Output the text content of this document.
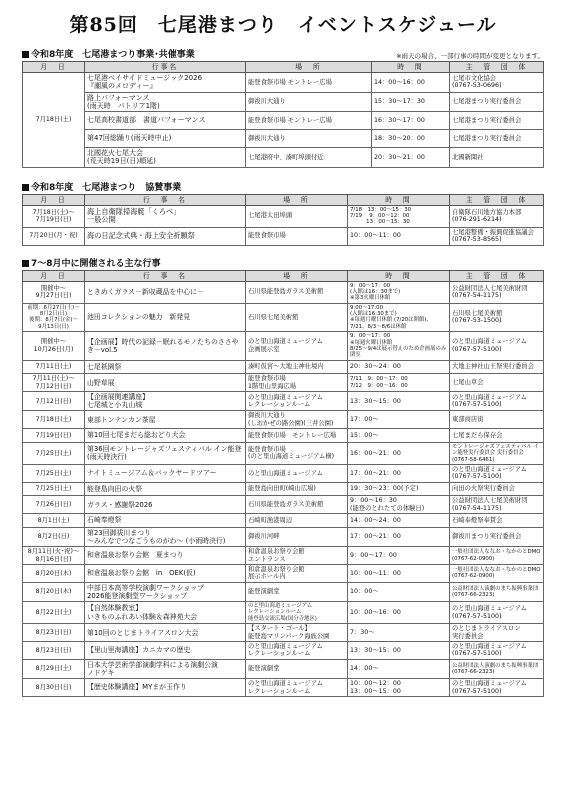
第85回　七尾港まつり　イベントスケジュール
令和8年度　七尾港まつり事業･共催事業	※雨天の場合、一部行事の時間が変更となります。
月　日	行事名	場　所	時　間	主　管　団　体
7月18日(土)	七尾港ベイサイドミュージック2026
『潮風のメロディー』	能登食祭市場 モントレー広場	14：00～16：00	七尾市文化協会
(0767-53-0696)
	路上パフォーマンス
(雨天時　パトリア1階)	御祓川大通り	15：30～17：30	七尾港まつり実行委員会
	七尾高校書道部　書道パフォーマンス	能登食祭市場 モントレー広場	16：30～17：00	七尾港まつり実行委員会
	第47回総踊り(雨天時中止)	御祓川大通り	18：30～20：00	七尾港まつり実行委員会
	北國花火七尾大会
(荒天時19日(日)順延)	七尾港府中、湊町埠頭付近	20：30～21：00	北國新聞社
令和8年度　七尾港まつり　協賛事業
月　日	行　事　名	場　所	時　間	主　管　団　体
7月18日(土)～
7月19日(日)	海上自衛隊掃海艇「くろべ」
一般公開	七尾港太田埠頭	7/18　13：00～15：30
7/19　 9：00～12：00
　　　13：00～15：30	自衛隊石川地方協力本部
(076-291-6214)
7月20日(月・祝)	海の日記念式典・海上安全祈願祭	能登食祭市場	10：00～11：00	七尾港整備・振興促進協議会
(0767-53-8565)
7～8月中に開催される主な行事
月　日	行　事　名	場　所	時　間	主　管　団　体
開催中～
9月27日(日)	ときめくガラス－新収蔵品を中心に－	石川県能登島ガラス美術館	9：00～17：00
(入館は16：30まで)
※第3火曜日休館	公益財団法人七尾美術財団
(0767-54-1175)
前期：6月27日(土)～
8月2日(日)
後期：8月7日(金)～
9月13日(日)	池田コレクションの魅力　新発見	石川県七尾美術館	9:00～17:00
(入館は16:30まで)
※毎週月曜日休館 (7/20は開館)、7/21、8/3～8/6は休館	石川県七尾美術館
(0767-53-1500)
開催中～
10月26日(月)	【企画展】時代の記録－眠れるモノたちのささやき－vol.5	のと里山海道ミュージアム
企画展示室	9：00～17：00
※毎週火曜日休館
8/25～9/4は展示替えのため企画展のみ閉室	のと里山海道ミュージアム
(0767-57-5100)
7月11日(土)	七尾祇園祭	湊町仮宮～大地主神社境内	20：30～24：00	大地主神社山王祭実行委員会
7月11日(土)～
7月12日(日)	山野草展	能登食祭市場
1階里山里海広場	7/11　9：00～17：00
7/12　9：00～16：00	七尾山草会
7月12日(日)	【企画展関連講座】
七尾城と小丸山城	のと里山海道ミュージアム
レクレーションルーム	13：30～15：00	のと里山海道ミュージアム
(0767-57-5100)
7月18日(土)	東部トンテンカン茶屋	御祓川大通り
(しおかぜの路公園)(三井公園)	17：00～	東部商店街
7月19日(日)	第10回七尾まだら総おどり大会	能登食祭市場　モントレー広場	15：00～	七尾まだら保存会
7月25日(土)	第36回モントレージャズフェスティバル イン能登(雨天時決行)	能登食祭市場
(のと里山海道ミュージアム横)	16：00～21：00	モントレージャズフェスティバル イン能登実行委員会 実行委員会
(0767-58-6461)
7月25日(土)	ナイトミュージアム＆バックヤードツアー	のと里山海道ミュージアム	17：00～21：00	のと里山海道ミュージアム
(0767-57-5100)
7月25日(土)	能登島向田の火祭	能登島向田町(崎山広場)	19：30～23：00(予定)	向田の火祭実行委員会
7月26日(日)	ガラス・感謝祭2026	石川県能登島ガラス美術館	9：00～16：30
(能登のとれたての体験日)	公益財団法人七尾美術財団
(0767-54-1175)
8月1日(土)	石崎奉燈祭	石崎町漁港周辺	14：00～24：00	石崎奉燈祭奉賛会
8月2日(日)	第23回御祓川まつり
～みんなでつなごうものがわ～ (小雨時決行)	御祓川河畔	17：00～21：00	御祓川まつり実行委員会
8月11日(火･祝)～
8月16日(日)	和倉温泉お祭り会館　夏まつり	和倉温泉お祭り会館
エントランス	9：00～17：00	一般社団法人ななお・なかのとDMO
(0767-62-0900)
8月20日(木)	和倉温泉お祭り会館　in　OEK(仮)	和倉温泉お祭り会館
展示ホール内	10：00～11：00	一般社団法人ななお・なかのとDMO
(0767-62-0900)
8月20日(木)	中部日本高等学校演劇ワークショップ
2026能登演劇堂ワークショップ	能登演劇堂	10：00～	公益財団法人演劇のまち振興事業団
(0767-66-2323)
8月22日(土)	【自然体験教室】
いきものふれあい体験＆森神苑大会	のと里山海道ミュージアム
レクレーションルーム
能登島交流広場(国分寺地区)	10：00～16：00	のと里山海道ミュージアム
(0767-57-5100)
8月23日(日)	第10回のとじまトライアスロン大会	【スタート・ゴール】
能登島マリンパーク海族公園	7：30～	のとじまトライアスロン
実行委員会
8月23日(日)	【里山里海講座】カニカマの歴史	のと里山海道ミュージアム
レクレーションルーム	13：30～15：00	のと里山海道ミュージアム
(0767-57-5100)
8月29日(土)	日本大学芸術学部演劇学科による演劇公演
ノドゲキ	能登演劇堂	14：00～	公益財団法人演劇のまち振興事業団
(0767-66-2323)
8月30日(日)	【歴史体験講座】MYまが玉作り	のと里山海道ミュージアム
レクレーションルーム	10：00～12：00
13：00～15：00	のと里山海道ミュージアム
(0767-57-5100)
